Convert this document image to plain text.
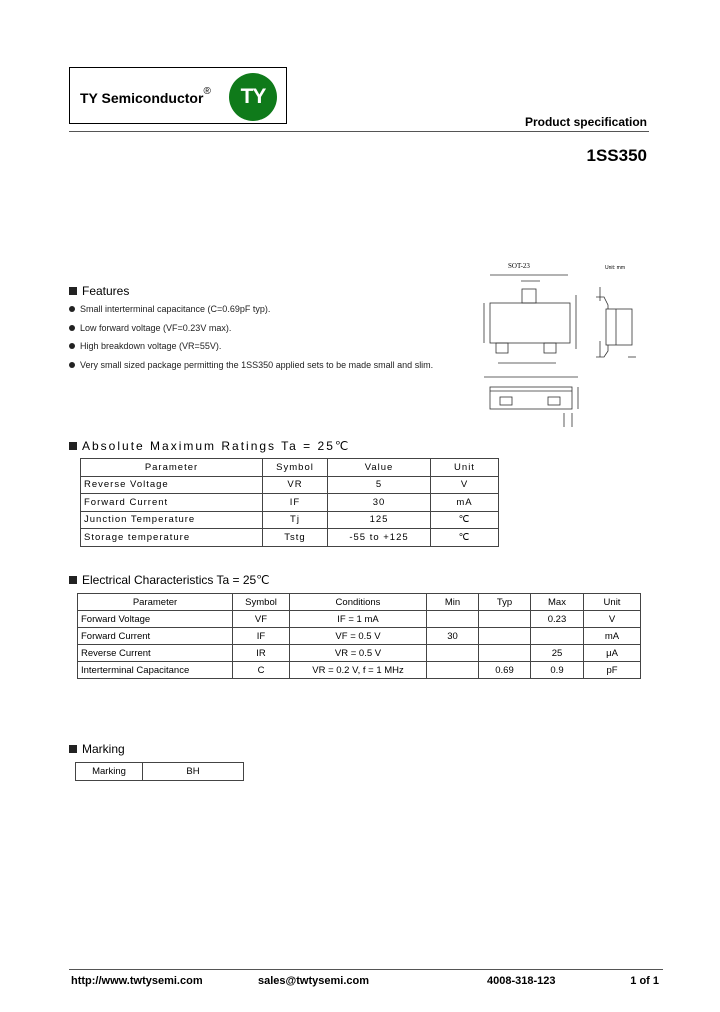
TY Semiconductor®	TY
Product specification
1SS350
Features
Small interterminal capacitance (C=0.69pF typ).
Low forward voltage (VF=0.23V max).
High breakdown voltage (VR=55V).
Very small sized package permitting the 1SS350 applied sets to be made small and slim.
SOT-23	Unit: mm
Absolute Maximum Ratings Ta = 25℃
Parameter	Symbol	Value	Unit
Reverse Voltage	VR	5	V
Forward Current	IF	30	mA
Junction Temperature	Tj	125	℃
Storage temperature	Tstg	-55 to +125	℃
Electrical Characteristics Ta = 25℃
Parameter	Symbol	Conditions	Min	Typ	Max	Unit
Forward Voltage	VF	IF = 1 mA			0.23	V
Forward Current	IF	VF = 0.5 V	30			mA
Reverse Current	IR	VR = 0.5 V			25	μA
Interterminal Capacitance	C	VR = 0.2 V, f = 1 MHz		0.69	0.9	pF
Marking
Marking	BH
http://www.twtysemi.com	sales@twtysemi.com	4008-318-123	1 of 1
